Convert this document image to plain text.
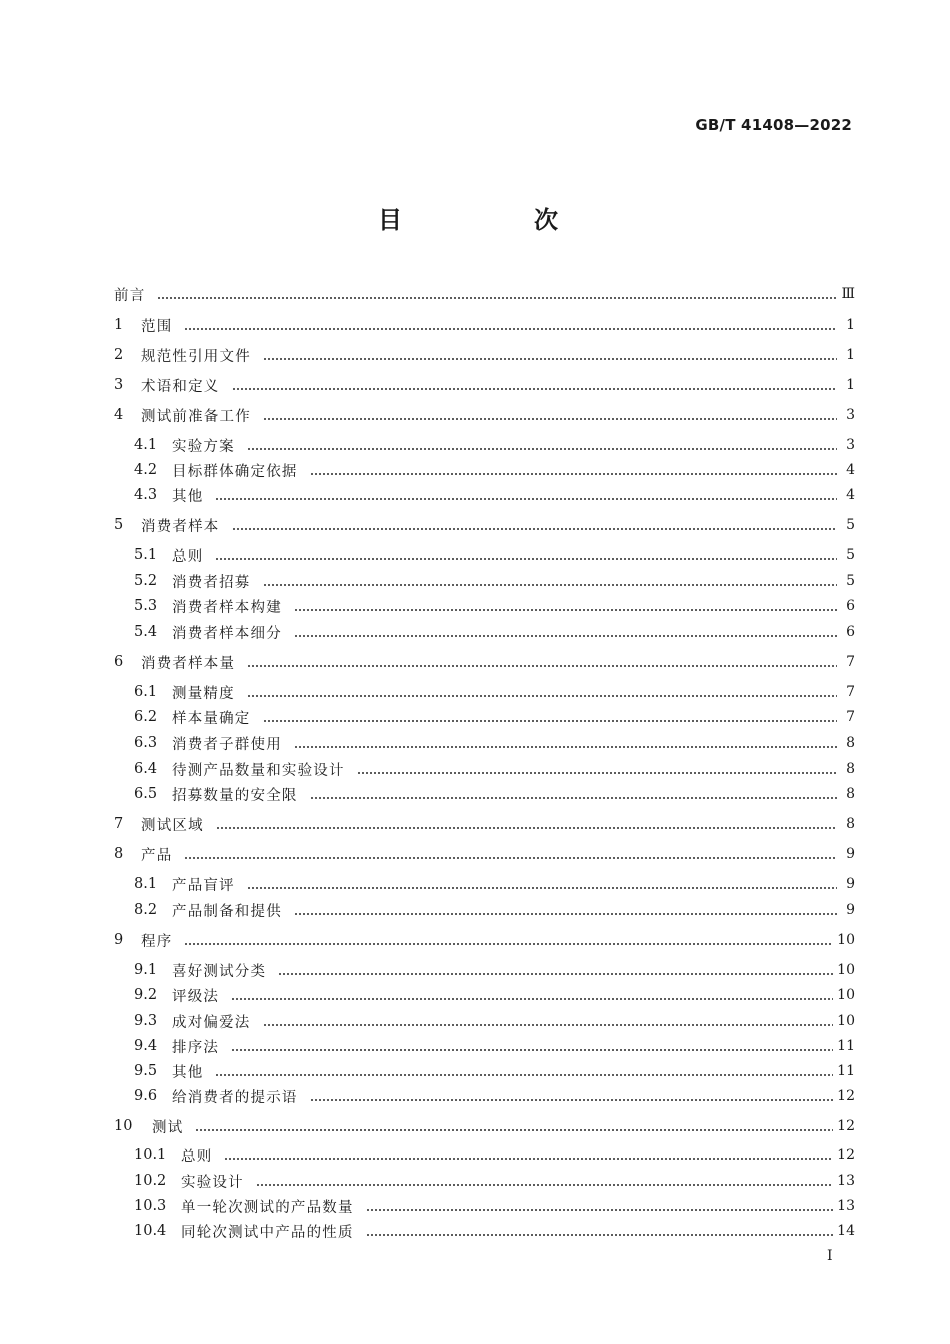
GB/T 41408—2022
目　次
前言	Ⅲ
1	范围	1
2	规范性引用文件	1
3	术语和定义	1
4	测试前准备工作	3
4.1	实验方案	3
4.2	目标群体确定依据	4
4.3	其他	4
5	消费者样本	5
5.1	总则	5
5.2	消费者招募	5
5.3	消费者样本构建	6
5.4	消费者样本细分	6
6	消费者样本量	7
6.1	测量精度	7
6.2	样本量确定	7
6.3	消费者子群使用	8
6.4	待测产品数量和实验设计	8
6.5	招募数量的安全限	8
7	测试区域	8
8	产品	9
8.1	产品盲评	9
8.2	产品制备和提供	9
9	程序	10
9.1	喜好测试分类	10
9.2	评级法	10
9.3	成对偏爱法	10
9.4	排序法	11
9.5	其他	11
9.6	给消费者的提示语	12
10	测试	12
10.1	总则	12
10.2	实验设计	13
10.3	单一轮次测试的产品数量	13
10.4	同轮次测试中产品的性质	14
I
